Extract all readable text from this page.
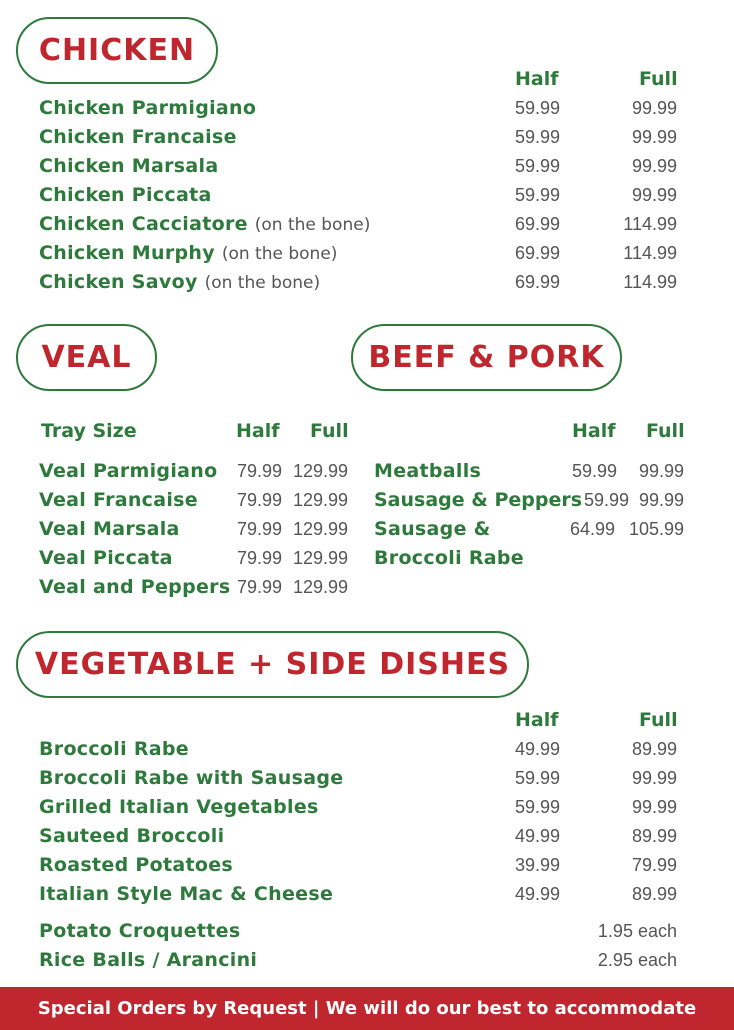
CHICKEN
Half	Full
Chicken Parmigiano	59.99	99.99
Chicken Francaise	59.99	99.99
Chicken Marsala	59.99	99.99
Chicken Piccata	59.99	99.99
Chicken Cacciatore (on the bone)	69.99	114.99
Chicken Murphy (on the bone)	69.99	114.99
Chicken Savoy (on the bone)	69.99	114.99
VEAL
Tray Size	Half Full
Veal Parmigiano 79.99 129.99
Veal Francaise 79.99 129.99
Veal Marsala	79.99 129.99
Veal Piccata	79.99 129.99
Veal and Peppers 79.99 129.99
BEEF & PORK
Half Full
Meatballs	59.99	99.99
Sausage & Peppers 59.99 99.99
Sausage &
Broccoli Rabe
64.99 105.99
VEGETABLE + SIDE DISHES
Half	Full
Broccoli Rabe	49.99	89.99
Broccoli Rabe with Sausage	59.99	99.99
Grilled Italian Vegetables	59.99	99.99
Sauteed Broccoli	49.99	89.99
Roasted Potatoes	39.99	79.99
Italian Style Mac & Cheese	49.99	89.99
Potato Croquettes	1.95 each
Rice Balls / Arancini	2.95 each
Special Orders by Request | We will do our best to accommodate
